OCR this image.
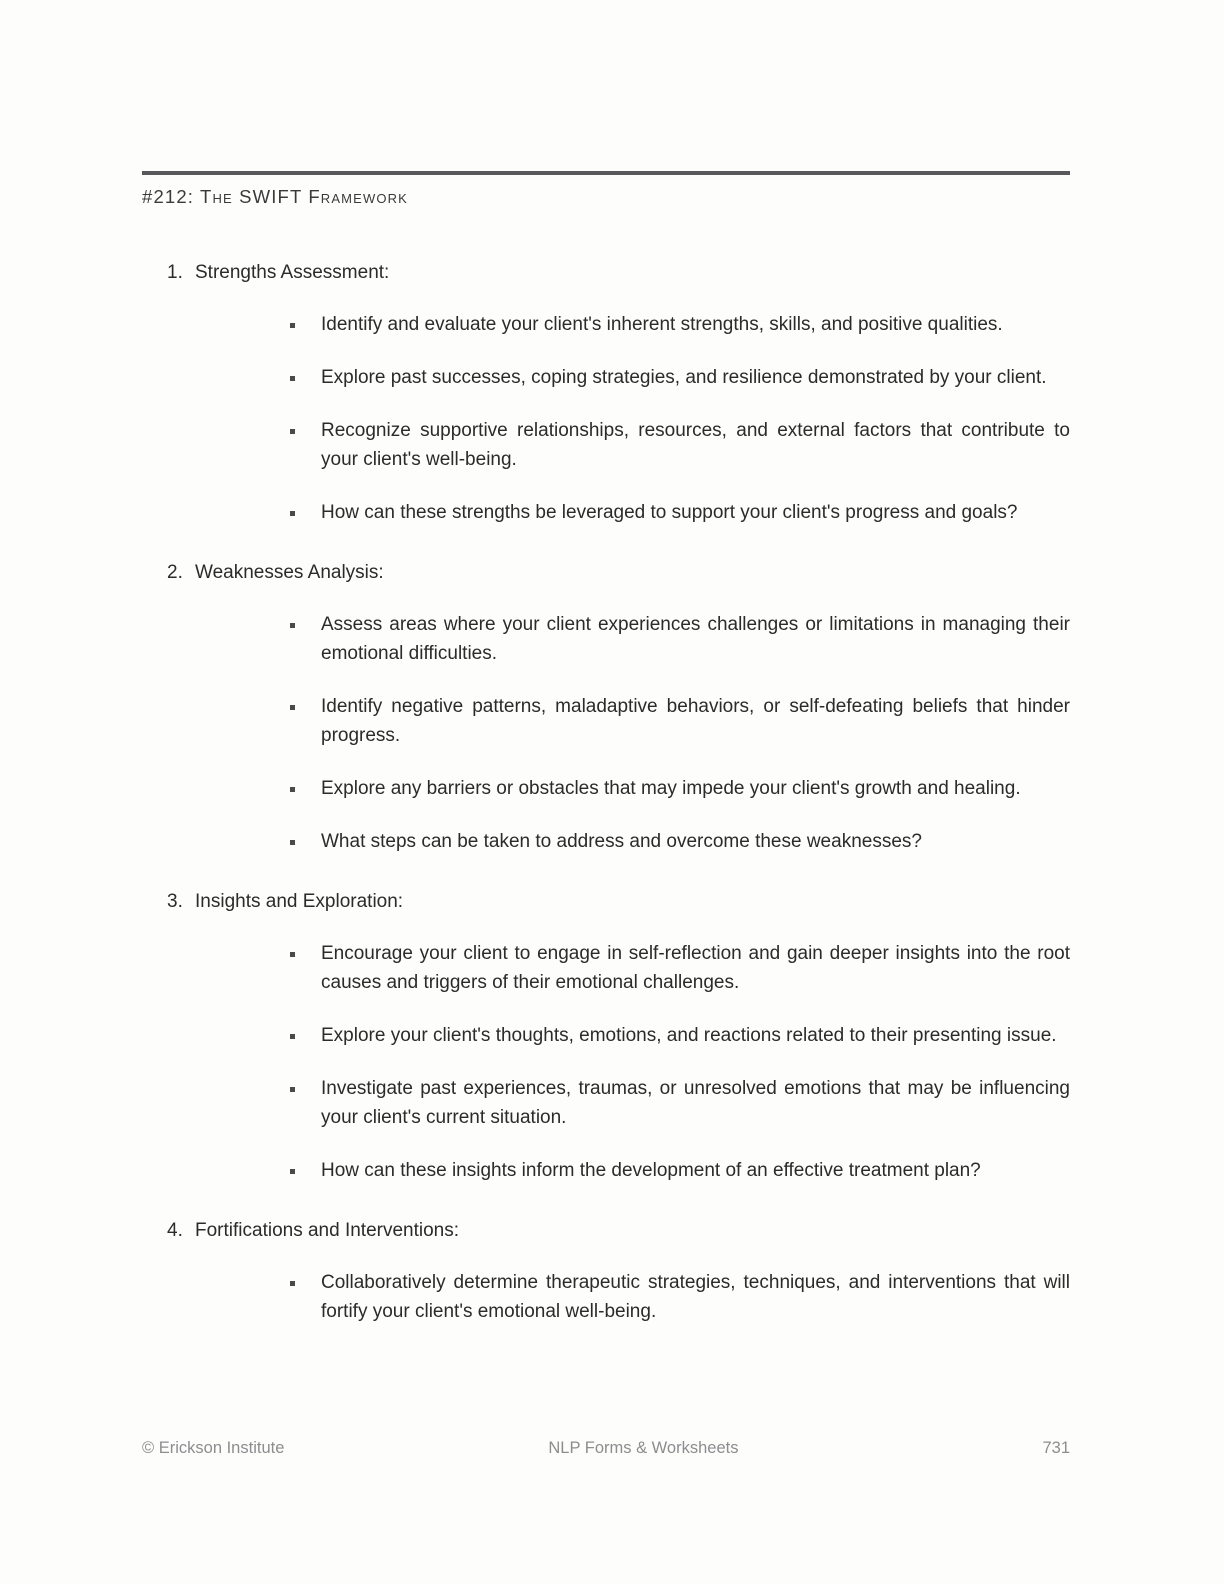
#212: The SWIFT Framework
1. Strengths Assessment:
Identify and evaluate your client's inherent strengths, skills, and positive qualities.
Explore past successes, coping strategies, and resilience demonstrated by your client.
Recognize supportive relationships, resources, and external factors that contribute to your client's well-being.
How can these strengths be leveraged to support your client's progress and goals?
2. Weaknesses Analysis:
Assess areas where your client experiences challenges or limitations in managing their emotional difficulties.
Identify negative patterns, maladaptive behaviors, or self-defeating beliefs that hinder progress.
Explore any barriers or obstacles that may impede your client's growth and healing.
What steps can be taken to address and overcome these weaknesses?
3. Insights and Exploration:
Encourage your client to engage in self-reflection and gain deeper insights into the root causes and triggers of their emotional challenges.
Explore your client's thoughts, emotions, and reactions related to their presenting issue.
Investigate past experiences, traumas, or unresolved emotions that may be influencing your client's current situation.
How can these insights inform the development of an effective treatment plan?
4. Fortifications and Interventions:
Collaboratively determine therapeutic strategies, techniques, and interventions that will fortify your client's emotional well-being.
© Erickson Institute	NLP Forms & Worksheets	731
